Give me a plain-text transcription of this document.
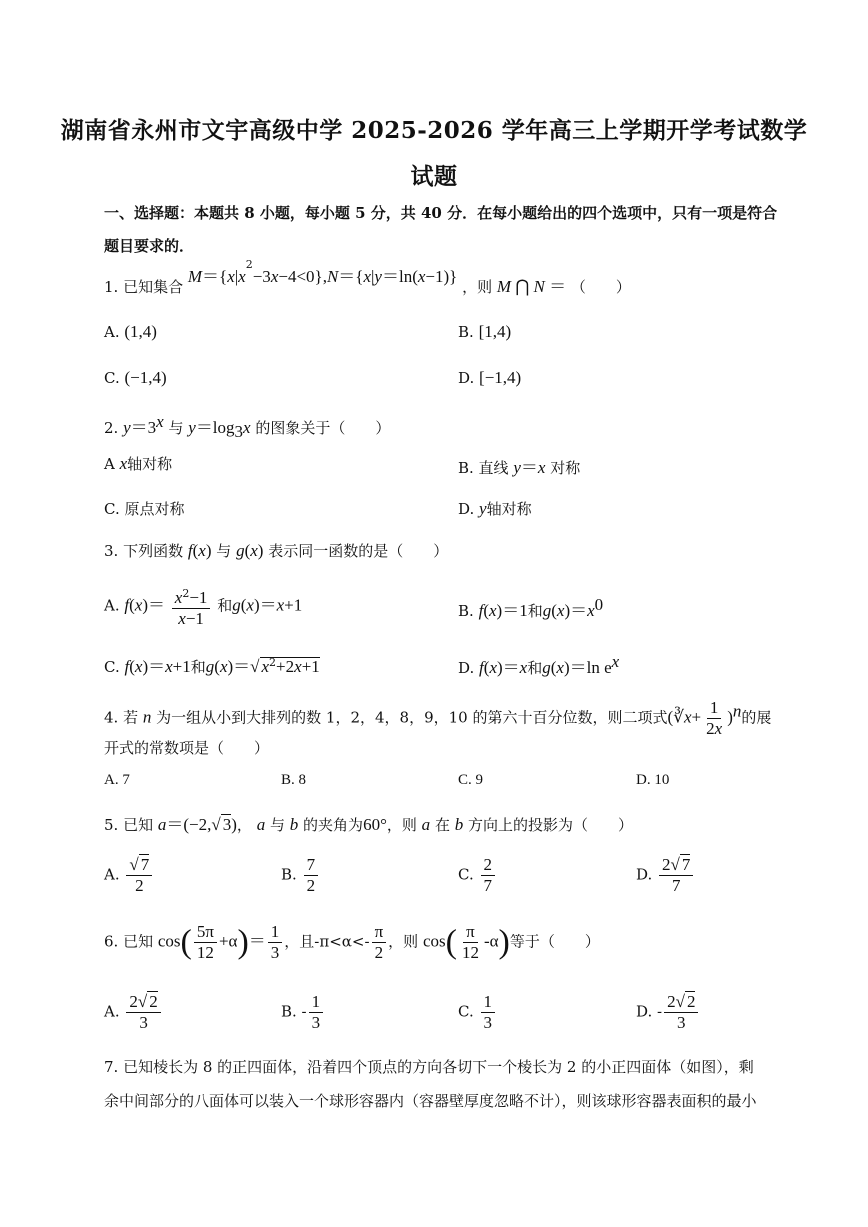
湖南省永州市文宇高级中学 2025-2026 学年高三上学期开学考试数学
试题
一、选择题：本题共 8 小题，每小题 5 分，共 40 分．在每小题给出的四个选项中，只有一项是符合
题目要求的．
1. 已知集合 $M=\{x|x^2-3x-4<0\},N=\{x|y=\ln(x-1)\}$ ，则 M ⋂ N ＝ （　　）
A. (1,4)	B. [1,4)
C. (−1,4)	D. [−1,4)
2. $y=3^x$ 与 $y=\log_3x$ 的图象关于（　　）
A x轴对称	B. 直线 y＝x 对称
C. 原点对称	D. y轴对称
3. 下列函数 f(x) 与 g(x) 表示同一函数的是（　　）
A. $f(x)= \frac{x^2-1}{x-1}$ 和g(x)＝x+1	B. f(x)＝1和$g(x)=x^0$
C. f(x)＝x+1和g(x)＝√ $x^2+2x+1$	D. f(x)＝x和g(x)＝ln $e^x$
4. 若 n 为一组从小到大排列的数 1，2，4，8，9，10 的第六十百分位数，则二项式(∛x+ $\frac{1}{2x} )^n$的展
开式的常数项是（　　）
A. 7	B. 8	C. 9	D. 10
5. 已知 a＝(−2,√ 3)， a 与 b 的夹角为60°，则 a 在 b 方向上的投影为（　　）
A. $\frac{√ 7}{2}$	B. $\frac{7}{2}$	C. $\frac{2}{7}$	D. $\frac{2√ 7}{7}$
6. 已知 $\cos( \frac{5\pi}{12} +\alpha)= \frac{1}{3}$ ，且$-\pi<\alpha<- \frac{\pi}{2}$ ，则 $\cos( \frac{\pi}{12} -\alpha)$等于（　　）
A. $\frac{2√ 2}{3}$	B. - $\frac{1}{3}$	C. $\frac{1}{3}$	D. - $\frac{2√ 2}{3}$
7. 已知棱长为 8 的正四面体，沿着四个顶点的方向各切下一个棱长为 2 的小正四面体（如图），剩
余中间部分的八面体可以装入一个球形容器内（容器壁厚度忽略不计），则该球形容器表面积的最小
